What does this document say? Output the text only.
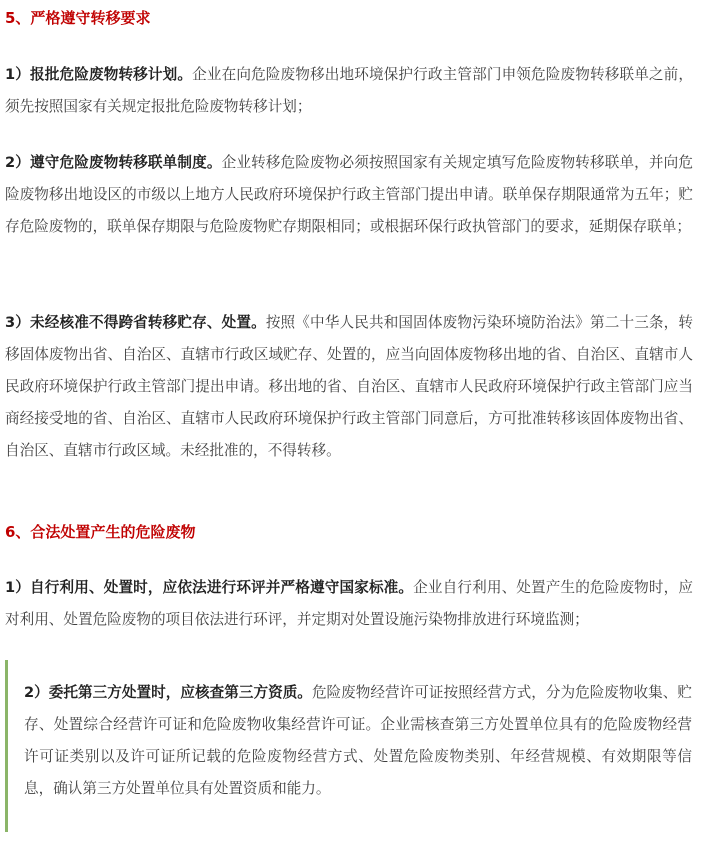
5、严格遵守转移要求
1）报批危险废物转移计划。企业在向危险废物移出地环境保护行政主管部门申领危险废物转移联单之前，须先按照国家有关规定报批危险废物转移计划；
2）遵守危险废物转移联单制度。企业转移危险废物必须按照国家有关规定填写危险废物转移联单，并向危险废物移出地设区的市级以上地方人民政府环境保护行政主管部门提出申请。联单保存期限通常为五年；贮存危险废物的，联单保存期限与危险废物贮存期限相同；或根据环保行政执管部门的要求，延期保存联单；
3）未经核准不得跨省转移贮存、处置。按照《中华人民共和国固体废物污染环境防治法》第二十三条，转移固体废物出省、自治区、直辖市行政区域贮存、处置的，应当向固体废物移出地的省、自治区、直辖市人民政府环境保护行政主管部门提出申请。移出地的省、自治区、直辖市人民政府环境保护行政主管部门应当商经接受地的省、自治区、直辖市人民政府环境保护行政主管部门同意后，方可批准转移该固体废物出省、自治区、直辖市行政区域。未经批准的，不得转移。
6、合法处置产生的危险废物
1）自行利用、处置时，应依法进行环评并严格遵守国家标准。企业自行利用、处置产生的危险废物时，应对利用、处置危险废物的项目依法进行环评，并定期对处置设施污染物排放进行环境监测；
2）委托第三方处置时，应核查第三方资质。危险废物经营许可证按照经营方式，分为危险废物收集、贮存、处置综合经营许可证和危险废物收集经营许可证。企业需核查第三方处置单位具有的危险废物经营许可证类别以及许可证所记载的危险废物经营方式、处置危险废物类别、年经营规模、有效期限等信息，确认第三方处置单位具有处置资质和能力。
